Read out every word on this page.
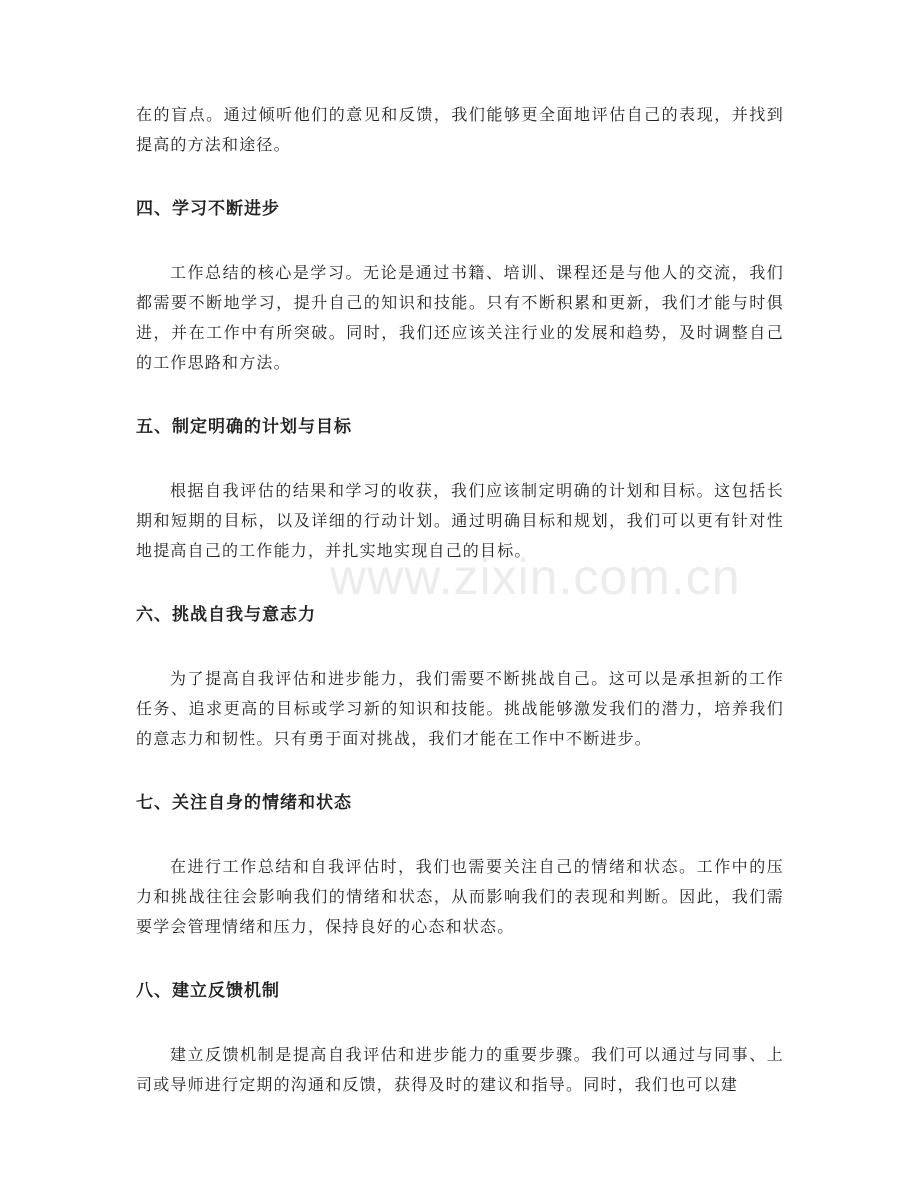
www.zixin.com.cn

在的盲点。通过倾听他们的意见和反馈，我们能够更全面地评估自己的表现，并找到提高的方法和途径。

四、学习不断进步

工作总结的核心是学习。无论是通过书籍、培训、课程还是与他人的交流，我们都需要不断地学习，提升自己的知识和技能。只有不断积累和更新，我们才能与时俱进，并在工作中有所突破。同时，我们还应该关注行业的发展和趋势，及时调整自己的工作思路和方法。

五、制定明确的计划与目标

根据自我评估的结果和学习的收获，我们应该制定明确的计划和目标。这包括长期和短期的目标，以及详细的行动计划。通过明确目标和规划，我们可以更有针对性地提高自己的工作能力，并扎实地实现自己的目标。

六、挑战自我与意志力

为了提高自我评估和进步能力，我们需要不断挑战自己。这可以是承担新的工作任务、追求更高的目标或学习新的知识和技能。挑战能够激发我们的潜力，培养我们的意志力和韧性。只有勇于面对挑战，我们才能在工作中不断进步。

七、关注自身的情绪和状态

在进行工作总结和自我评估时，我们也需要关注自己的情绪和状态。工作中的压力和挑战往往会影响我们的情绪和状态，从而影响我们的表现和判断。因此，我们需要学会管理情绪和压力，保持良好的心态和状态。

八、建立反馈机制

建立反馈机制是提高自我评估和进步能力的重要步骤。我们可以通过与同事、上司或导师进行定期的沟通和反馈，获得及时的建议和指导。同时，我们也可以建
